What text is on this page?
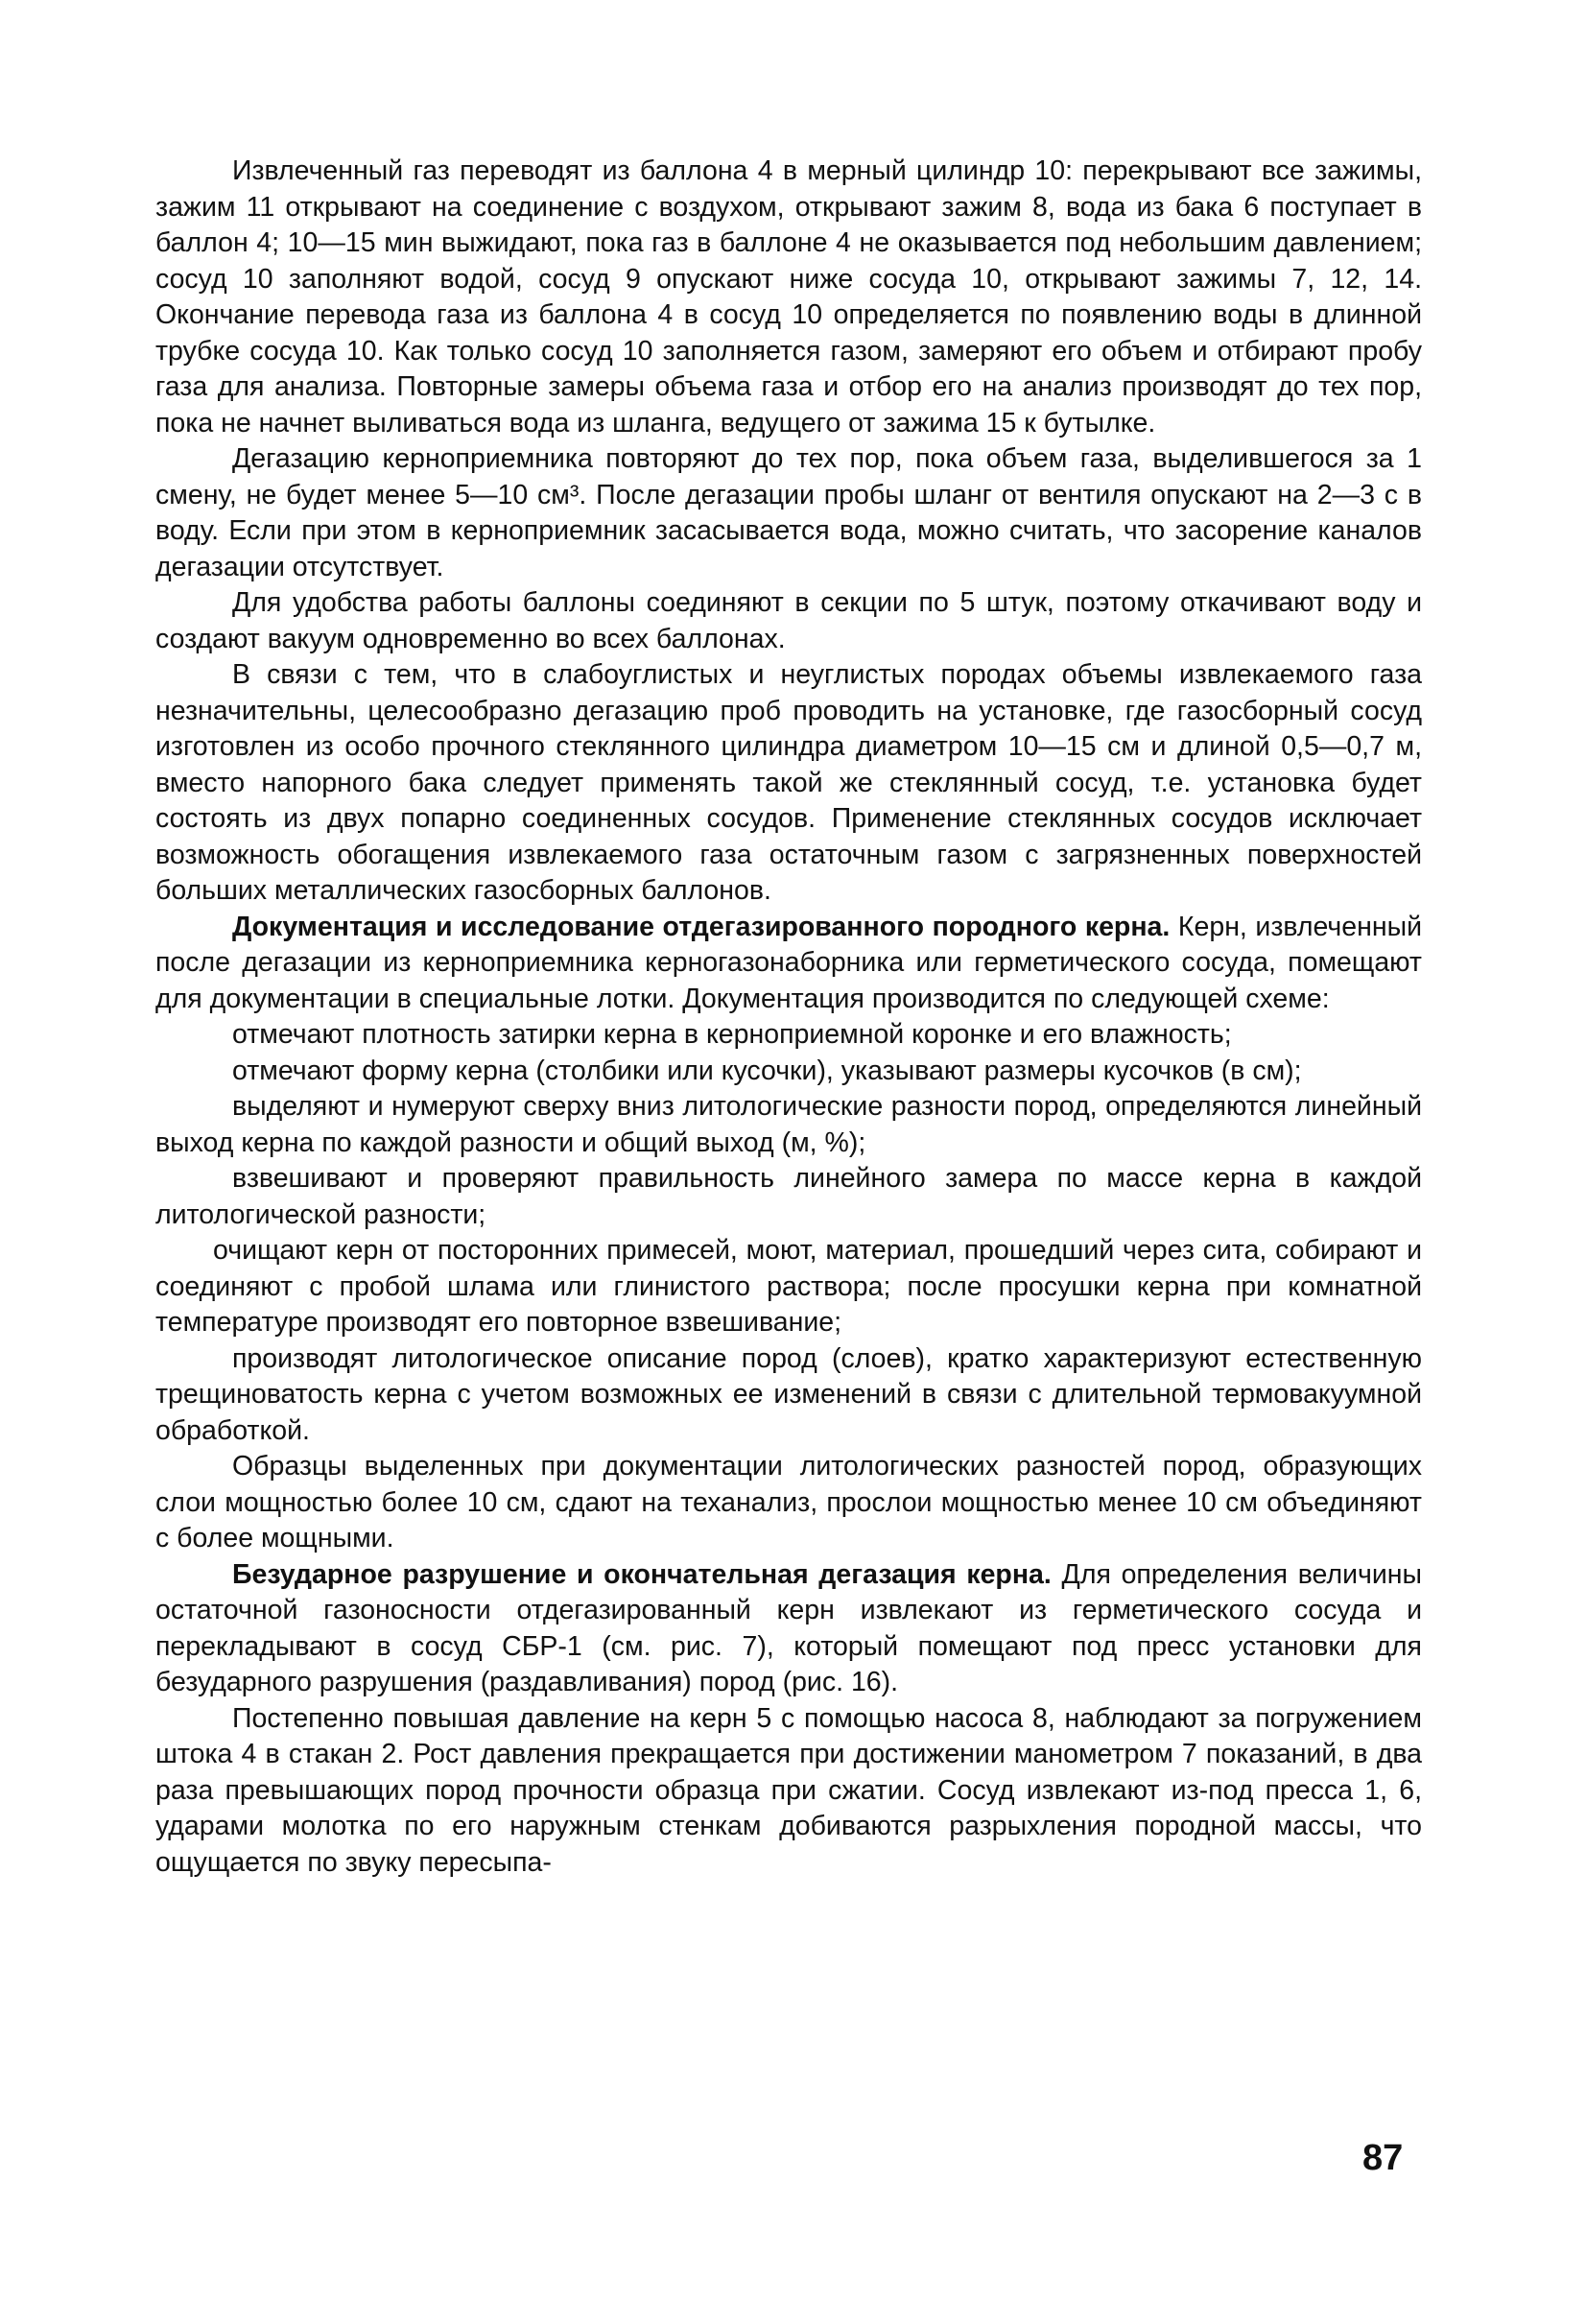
Извлеченный газ переводят из баллона 4 в мерный цилиндр 10: перекрывают все зажимы, зажим 11 открывают на соединение с воздухом, открывают зажим 8, вода из бака 6 поступает в баллон 4; 10—15 мин выжидают, пока газ в баллоне 4 не оказывается под небольшим давлением; сосуд 10 заполняют водой, сосуд 9 опускают ниже сосуда 10, открывают зажимы 7, 12, 14. Окончание перевода газа из баллона 4 в сосуд 10 определяется по появлению воды в длинной трубке сосуда 10. Как только сосуд 10 заполняется газом, замеряют его объем и отбирают пробу газа для анализа. Повторные замеры объема газа и отбор его на анализ производят до тех пор, пока не начнет выливаться вода из шланга, ведущего от зажима 15 к бутылке.

Дегазацию керноприемника повторяют до тех пор, пока объем газа, выделившегося за 1 смену, не будет менее 5—10 см³. После дегазации пробы шланг от вентиля опускают на 2—3 с в воду. Если при этом в керноприемник засасывается вода, можно считать, что засорение каналов дегазации отсутствует.

Для удобства работы баллоны соединяют в секции по 5 штук, поэтому откачивают воду и создают вакуум одновременно во всех баллонах.

В связи с тем, что в слабоуглистых и неуглистых породах объемы извлекаемого газа незначительны, целесообразно дегазацию проб проводить на установке, где газосборный сосуд изготовлен из особо прочного стеклянного цилиндра диаметром 10—15 см и длиной 0,5—0,7 м, вместо напорного бака следует применять такой же стеклянный сосуд, т.е. установка будет состоять из двух попарно соединенных сосудов. Применение стеклянных сосудов исключает возможность обогащения извлекаемого газа остаточным газом с загрязненных поверхностей больших металлических газосборных баллонов.

Документация и исследование отдегазированного породного керна. Керн, извлеченный после дегазации из керноприемника керногазонаборника или герметического сосуда, помещают для документации в специальные лотки. Документация производится по следующей схеме:

отмечают плотность затирки керна в керноприемной коронке и его влажность;

отмечают форму керна (столбики или кусочки), указывают размеры кусочков (в см);

выделяют и нумеруют сверху вниз литологические разности пород, определяются линейный выход керна по каждой разности и общий выход (м, %);

взвешивают и проверяют правильность линейного замера по массе керна в каждой литологической разности;

очищают керн от посторонних примесей, моют, материал, прошедший через сита, собирают и соединяют с пробой шлама или глинистого раствора; после просушки керна при комнатной температуре производят его повторное взвешивание;

производят литологическое описание пород (слоев), кратко характеризуют естественную трещиноватость керна с учетом возможных ее изменений в связи с длительной термовакуумной обработкой.

Образцы выделенных при документации литологических разностей пород, образующих слои мощностью более 10 см, сдают на теханализ, прослои мощностью менее 10 см объединяют с более мощными.

Безударное разрушение и окончательная дегазация керна. Для определения величины остаточной газоносности отдегазированный керн извлекают из герметического сосуда и перекладывают в сосуд СБР-1 (см. рис. 7), который помещают под пресс установки для безударного разрушения (раздавливания) пород (рис. 16).

Постепенно повышая давление на керн 5 с помощью насоса 8, наблюдают за погружением штока 4 в стакан 2. Рост давления прекращается при достижении манометром 7 показаний, в два раза превышающих пород прочности образца при сжатии. Сосуд извлекают из-под пресса 1, 6, ударами молотка по его наружным стенкам добиваются разрыхления породной массы, что ощущается по звуку пересыпа-

87
